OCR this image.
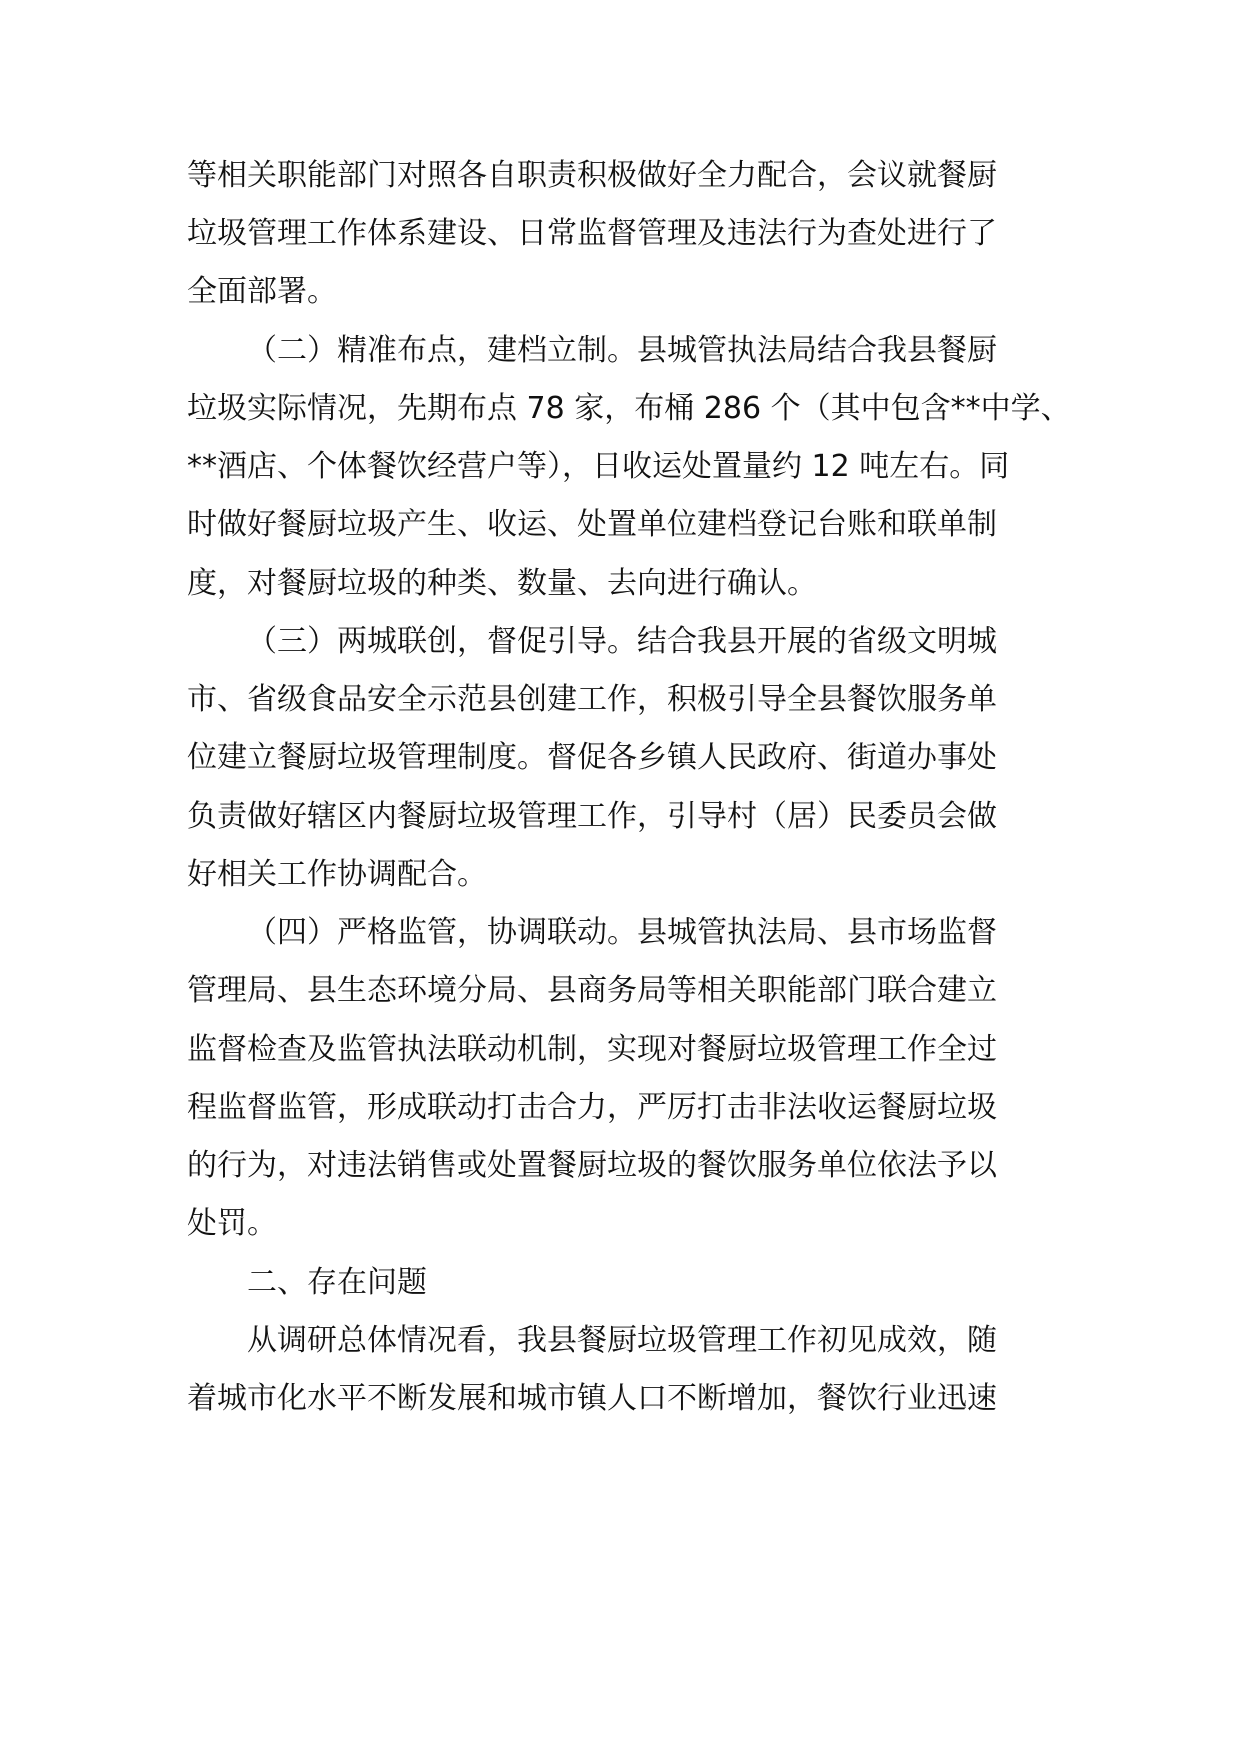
等相关职能部门对照各自职责积极做好全力配合，会议就餐厨

垃圾管理工作体系建设、日常监督管理及违法行为查处进行了

全面部署。

（二）精准布点，建档立制。县城管执法局结合我县餐厨

垃圾实际情况，先期布点 78 家，布桶 286 个（其中包含**中学、

**酒店、个体餐饮经营户等），日收运处置量约 12 吨左右。同

时做好餐厨垃圾产生、收运、处置单位建档登记台账和联单制

度，对餐厨垃圾的种类、数量、去向进行确认。

（三）两城联创，督促引导。结合我县开展的省级文明城

市、省级食品安全示范县创建工作，积极引导全县餐饮服务单

位建立餐厨垃圾管理制度。督促各乡镇人民政府、街道办事处

负责做好辖区内餐厨垃圾管理工作，引导村（居）民委员会做

好相关工作协调配合。

（四）严格监管，协调联动。县城管执法局、县市场监督

管理局、县生态环境分局、县商务局等相关职能部门联合建立

监督检查及监管执法联动机制，实现对餐厨垃圾管理工作全过

程监督监管，形成联动打击合力，严厉打击非法收运餐厨垃圾

的行为，对违法销售或处置餐厨垃圾的餐饮服务单位依法予以

处罚。

二、存在问题

从调研总体情况看，我县餐厨垃圾管理工作初见成效，随

着城市化水平不断发展和城市镇人口不断增加，餐饮行业迅速
